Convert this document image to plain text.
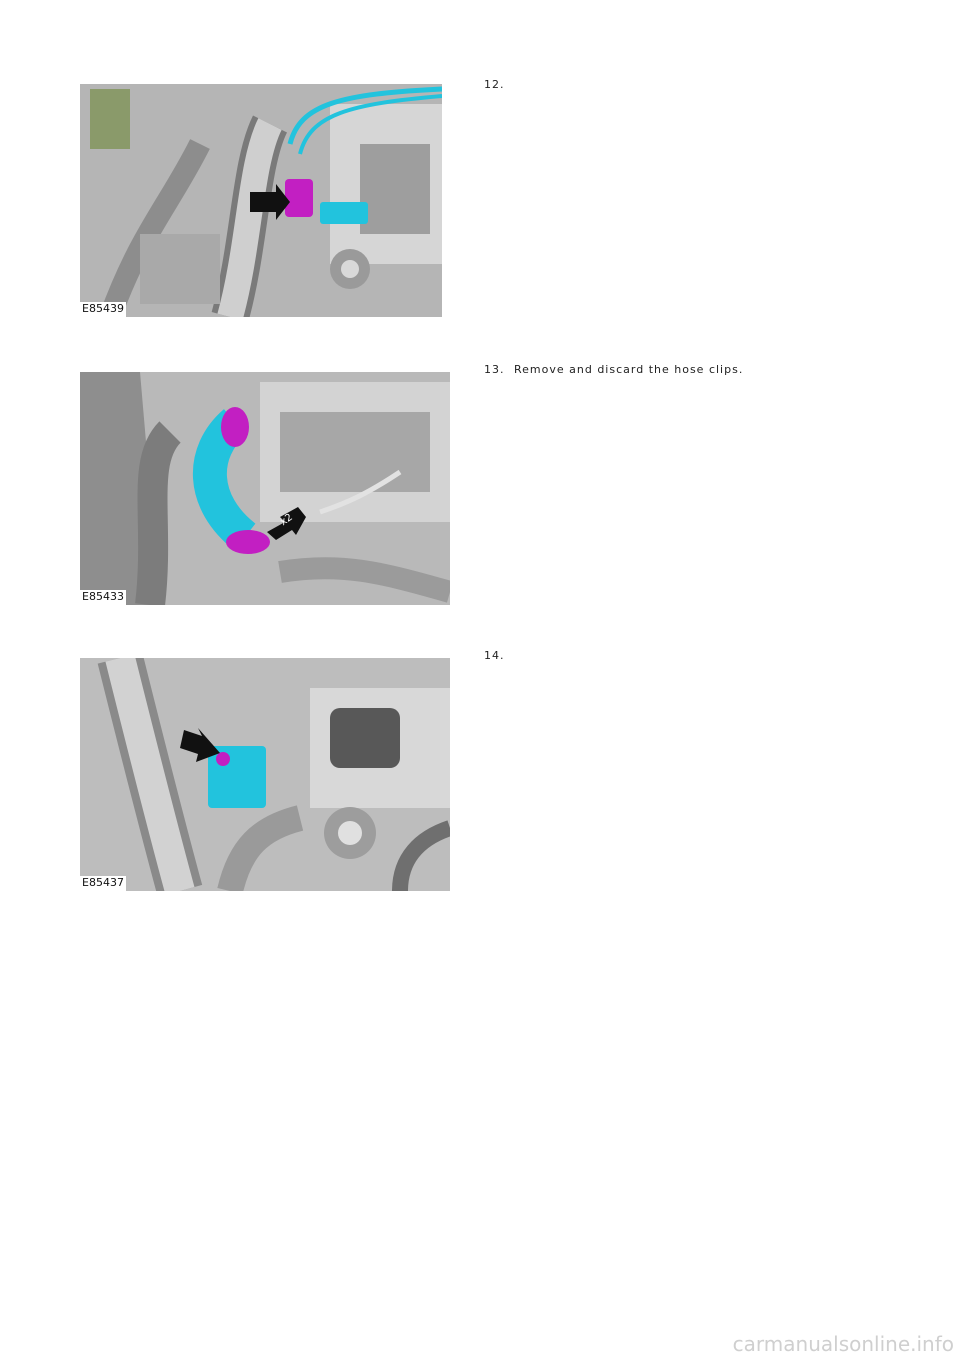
E85439
12.
x2
E85433
13. Remove and discard the hose clips.
E85437
14.
carmanualsonline.info
